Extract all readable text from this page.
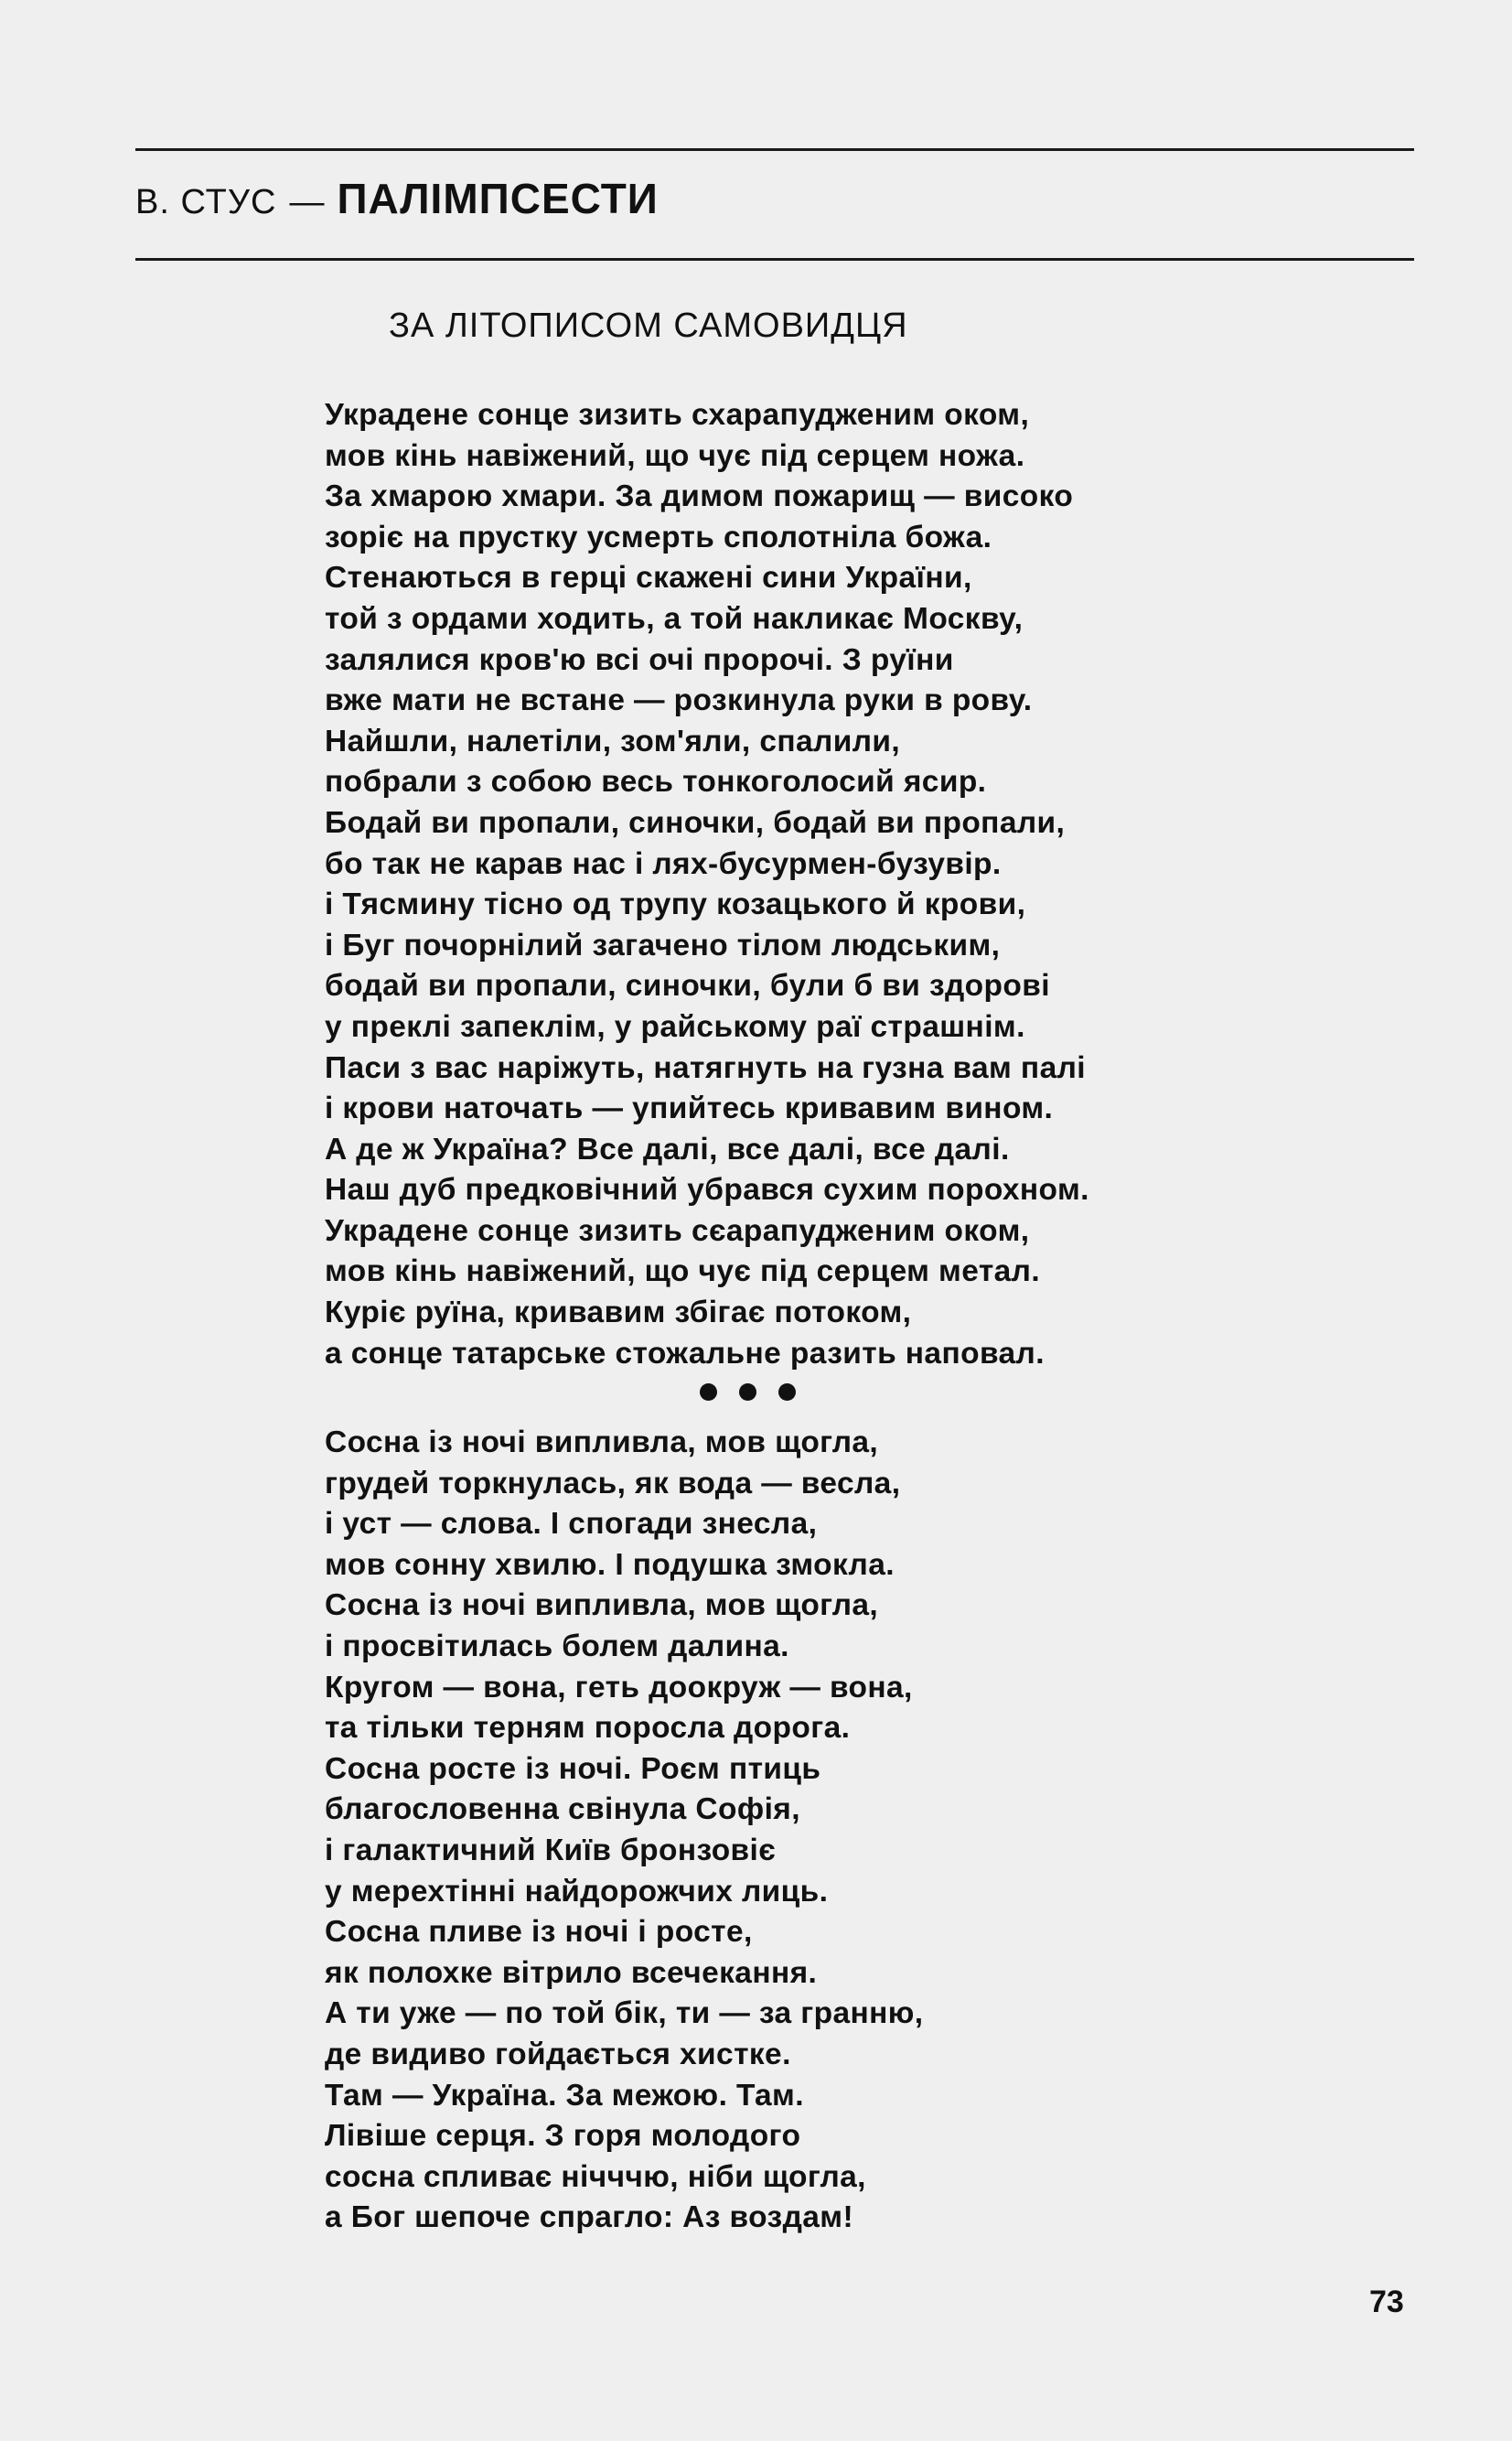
В. СТУС — ПАЛІМПСЕСТИ
ЗА ЛІТОПИСОМ САМОВИДЦЯ
Украдене сонце зизить схарапудженим оком,
мов кінь навіжений, що чує під серцем ножа.
За хмарою хмари. За димом пожарищ — високо
зоріє на прустку усмерть сполотніла божа.
Стенаються в герці скажені сини України,
той з ордами ходить, а той накликає Москву,
залялися кров'ю всі очі пророчі. З руїни
вже мати не встане — розкинула руки в рову.
Найшли, налетіли, зом'яли, спалили,
побрали з собою весь тонкоголосий ясир.
Бодай ви пропали, синочки, бодай ви пропали,
бо так не карав нас і лях-бусурмен-бузувір.
і Тясмину тісно од трупу козацького й крови,
і Буг почорнілий загачено тілом людським,
бодай ви пропали, синочки, були б ви здорові
у преклі запеклім, у райському раї страшнім.
Паси з вас наріжуть, натягнуть на гузна вам палі
і крови наточать — упийтесь кривавим вином.
А де ж Україна? Все далі, все далі, все далі.
Наш дуб предковічний убрався сухим порохном.
Украдене сонце зизить сєарапудженим оком,
мов кінь навіжений, що чує під серцем метал.
Куріє руїна, кривавим збігає потоком,
а сонце татарське стожальне разить наповал.
Сосна із ночі випливла, мов щогла,
грудей торкнулась, як вода — весла,
і уст — слова. І спогади знесла,
мов сонну хвилю. І подушка змокла.
Сосна із ночі випливла, мов щогла,
і просвітилась болем далина.
Кругом — вона, геть доокруж — вона,
та тільки терням поросла дорога.
Сосна росте із ночі. Роєм птиць
благословенна свінула Софія,
і галактичний Київ бронзовіє
у мерехтінні найдорожчих лиць.
Сосна пливе із ночі і росте,
як полохке вітрило всечекання.
А ти уже — по той бік, ти — за гранню,
де видиво гойдається хистке.
Там — Україна. За межою. Там.
Лівіше серця. З горя молодого
сосна спливає нічччю, ніби щогла,
а Бог шепоче спрагло: Аз воздам!
73
